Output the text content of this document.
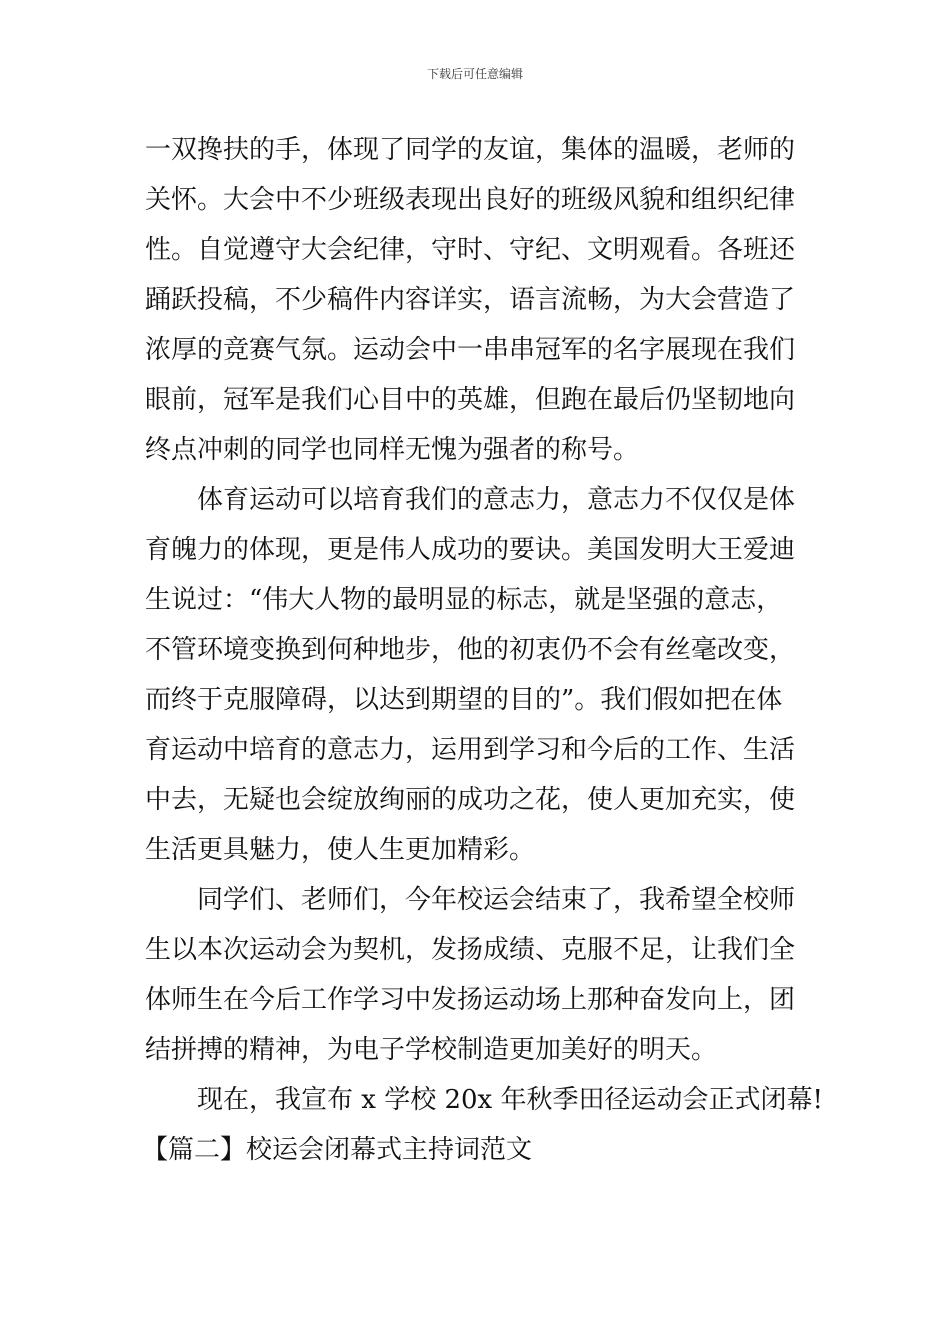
下载后可任意编辑
一双搀扶的手，体现了同学的友谊，集体的温暖，老师的
关怀。大会中不少班级表现出良好的班级风貌和组织纪律
性。自觉遵守大会纪律，守时、守纪、文明观看。各班还
踊跃投稿，不少稿件内容详实，语言流畅，为大会营造了
浓厚的竞赛气氛。运动会中一串串冠军的名字展现在我们
眼前，冠军是我们心目中的英雄，但跑在最后仍坚韧地向
终点冲刺的同学也同样无愧为强者的称号。
体育运动可以培育我们的意志力，意志力不仅仅是体
育魄力的体现，更是伟人成功的要诀。美国发明大王爱迪
生说过：“伟大人物的最明显的标志，就是坚强的意志，
不管环境变换到何种地步，他的初衷仍不会有丝毫改变，
而终于克服障碍，以达到期望的目的”。我们假如把在体
育运动中培育的意志力，运用到学习和今后的工作、生活
中去，无疑也会绽放绚丽的成功之花，使人更加充实，使
生活更具魅力，使人生更加精彩。
同学们、老师们，今年校运会结束了，我希望全校师
生以本次运动会为契机，发扬成绩、克服不足，让我们全
体师生在今后工作学习中发扬运动场上那种奋发向上，团
结拼搏的精神，为电子学校制造更加美好的明天。
现在，我宣布 x 学校 20x 年秋季田径运动会正式闭幕!
【篇二】校运会闭幕式主持词范文
